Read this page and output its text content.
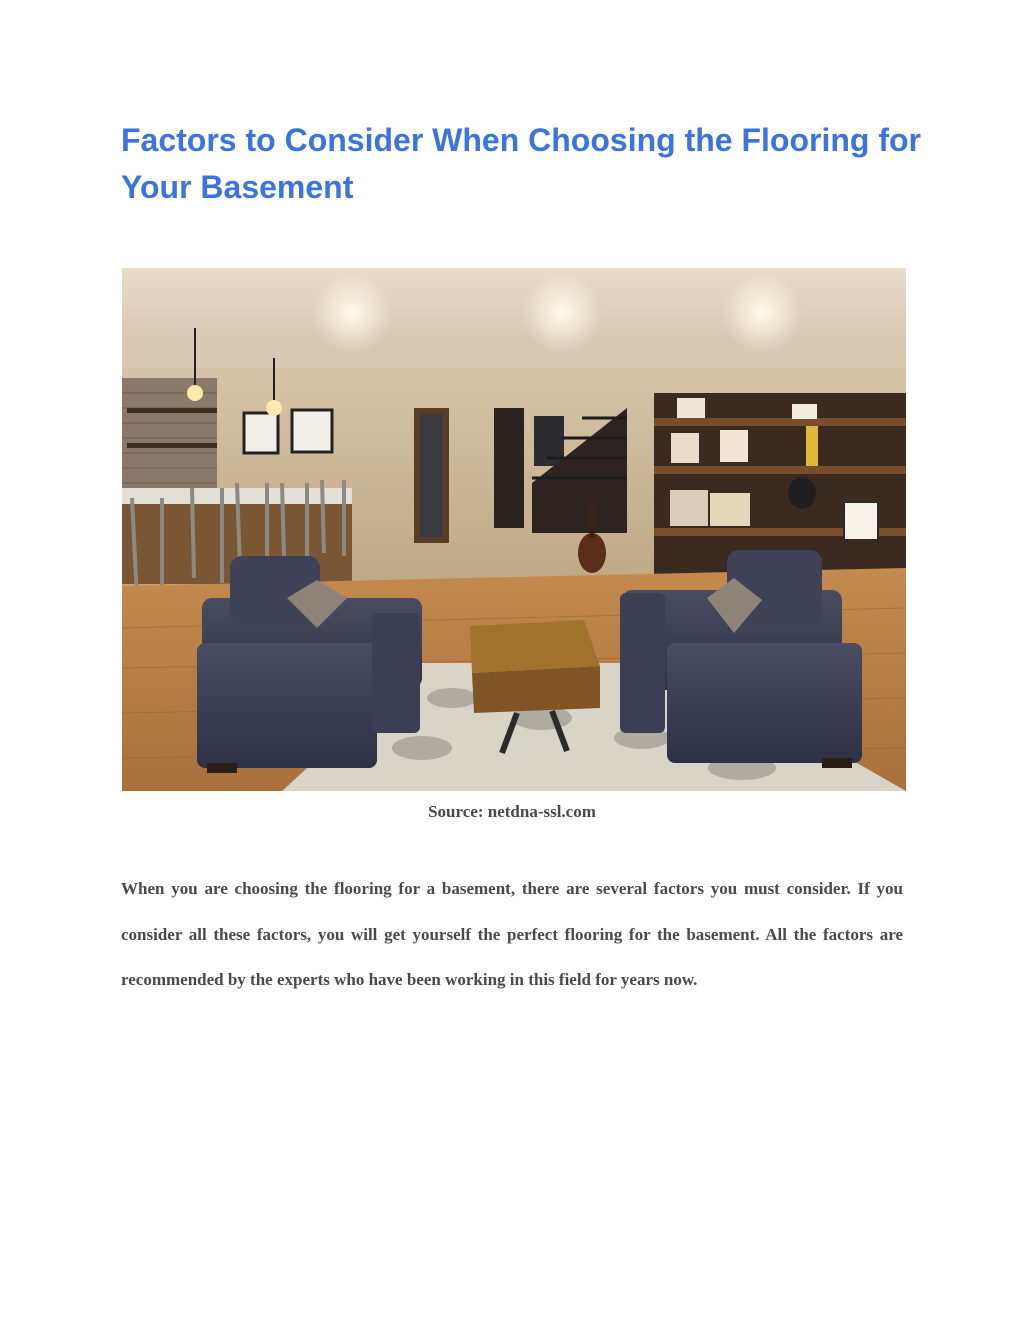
Factors to Consider When Choosing the Flooring for Your Basement
Source: netdna-ssl.com

When you are choosing the flooring for a basement, there are several factors you must consider. If you consider all these factors, you will get yourself the perfect flooring for the basement. All the factors are recommended by the experts who have been working in this field for years now.
